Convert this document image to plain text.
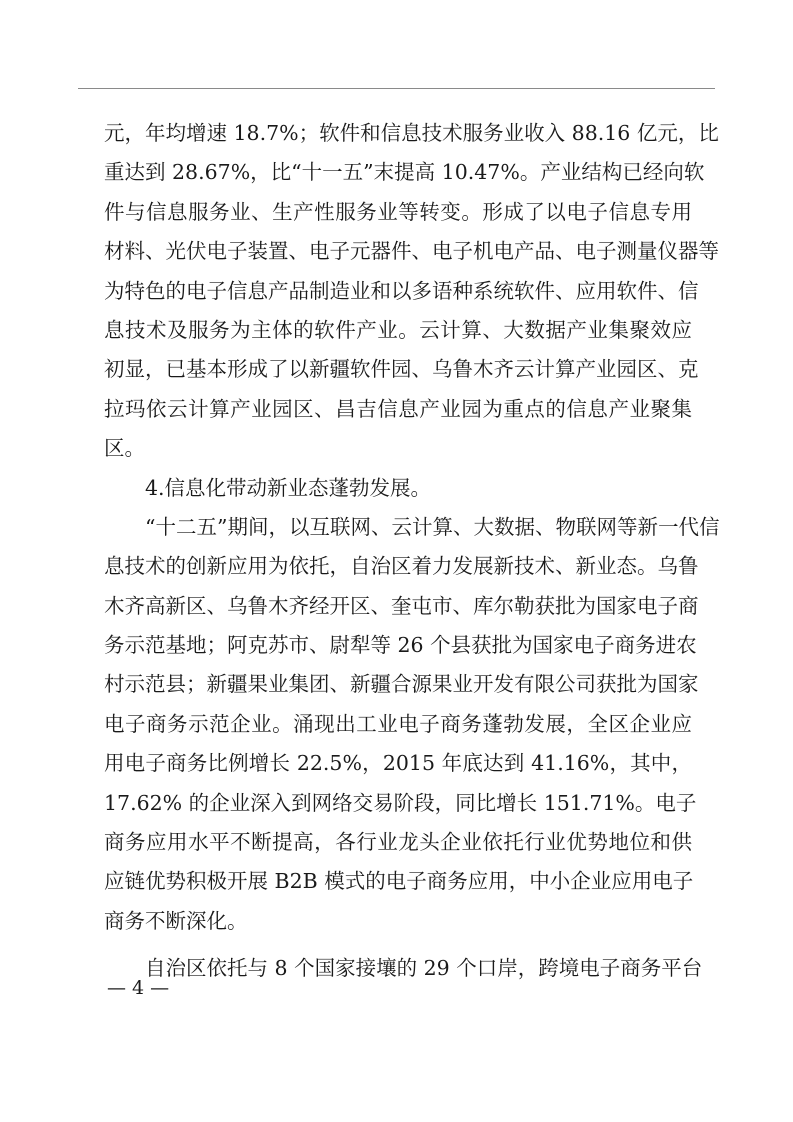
元，年均增速 18.7%；软件和信息技术服务业收入 88.16 亿元，比
重达到 28.67%，比“十一五”末提高 10.47%。产业结构已经向软
件与信息服务业、生产性服务业等转变。形成了以电子信息专用
材料、光伏电子装置、电子元器件、电子机电产品、电子测量仪器等
为特色的电子信息产品制造业和以多语种系统软件、应用软件、信
息技术及服务为主体的软件产业。云计算、大数据产业集聚效应
初显，已基本形成了以新疆软件园、乌鲁木齐云计算产业园区、克
拉玛依云计算产业园区、昌吉信息产业园为重点的信息产业聚集
区。
4.信息化带动新业态蓬勃发展。
“十二五”期间，以互联网、云计算、大数据、物联网等新一代信
息技术的创新应用为依托，自治区着力发展新技术、新业态。乌鲁
木齐高新区、乌鲁木齐经开区、奎屯市、库尔勒获批为国家电子商
务示范基地；阿克苏市、尉犁等 26 个县获批为国家电子商务进农
村示范县；新疆果业集团、新疆合源果业开发有限公司获批为国家
电子商务示范企业。涌现出工业电子商务蓬勃发展，全区企业应
用电子商务比例增长 22.5%，2015 年底达到 41.16%，其中，
17.62% 的企业深入到网络交易阶段，同比增长 151.71%。电子
商务应用水平不断提高，各行业龙头企业依托行业优势地位和供
应链优势积极开展 B2B 模式的电子商务应用，中小企业应用电子
商务不断深化。
自治区依托与 8 个国家接壤的 29 个口岸，跨境电子商务平台
— 4 —
